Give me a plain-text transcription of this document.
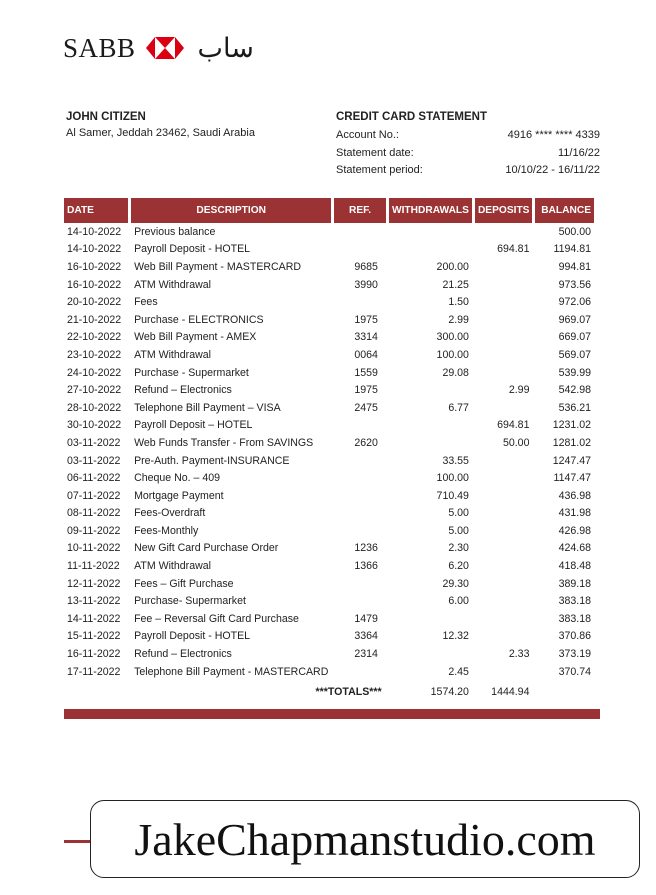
SABB ساب
JOHN CITIZEN
Al Samer, Jeddah 23462, Saudi Arabia
CREDIT CARD STATEMENT
Account No.:	4916 **** **** 4339
Statement date:	11/16/22
Statement period:	10/10/22 - 16/11/22
DATE	DESCRIPTION	REF.	WITHDRAWALS	DEPOSITS	BALANCE
14-10-2022	Previous balance				500.00
14-10-2022	Payroll Deposit - HOTEL			694.81	1194.81
16-10-2022	Web Bill Payment - MASTERCARD	9685	200.00		994.81
16-10-2022	ATM Withdrawal	3990	21.25		973.56
20-10-2022	Fees		1.50		972.06
21-10-2022	Purchase - ELECTRONICS	1975	2.99		969.07
22-10-2022	Web Bill Payment - AMEX	3314	300.00		669.07
23-10-2022	ATM Withdrawal	0064	100.00		569.07
24-10-2022	Purchase - Supermarket	1559	29.08		539.99
27-10-2022	Refund – Electronics	1975		2.99	542.98
28-10-2022	Telephone Bill Payment – VISA	2475	6.77		536.21
30-10-2022	Payroll Deposit – HOTEL			694.81	1231.02
03-11-2022	Web Funds Transfer - From SAVINGS	2620		50.00	1281.02
03-11-2022	Pre-Auth. Payment-INSURANCE		33.55		1247.47
06-11-2022	Cheque No. – 409		100.00		1147.47
07-11-2022	Mortgage Payment		710.49		436.98
08-11-2022	Fees-Overdraft		5.00		431.98
09-11-2022	Fees-Monthly		5.00		426.98
10-11-2022	New Gift Card Purchase Order	1236	2.30		424.68
11-11-2022	ATM Withdrawal	1366	6.20		418.48
12-11-2022	Fees – Gift Purchase		29.30		389.18
13-11-2022	Purchase- Supermarket		6.00		383.18
14-11-2022	Fee – Reversal Gift Card Purchase	1479			383.18
15-11-2022	Payroll Deposit - HOTEL	3364	12.32		370.86
16-11-2022	Refund – Electronics	2314		2.33	373.19
17-11-2022	Telephone Bill Payment - MASTERCARD		2.45		370.74
***TOTALS***			1574.20	1444.94	
JakeChapmanstudio.com
